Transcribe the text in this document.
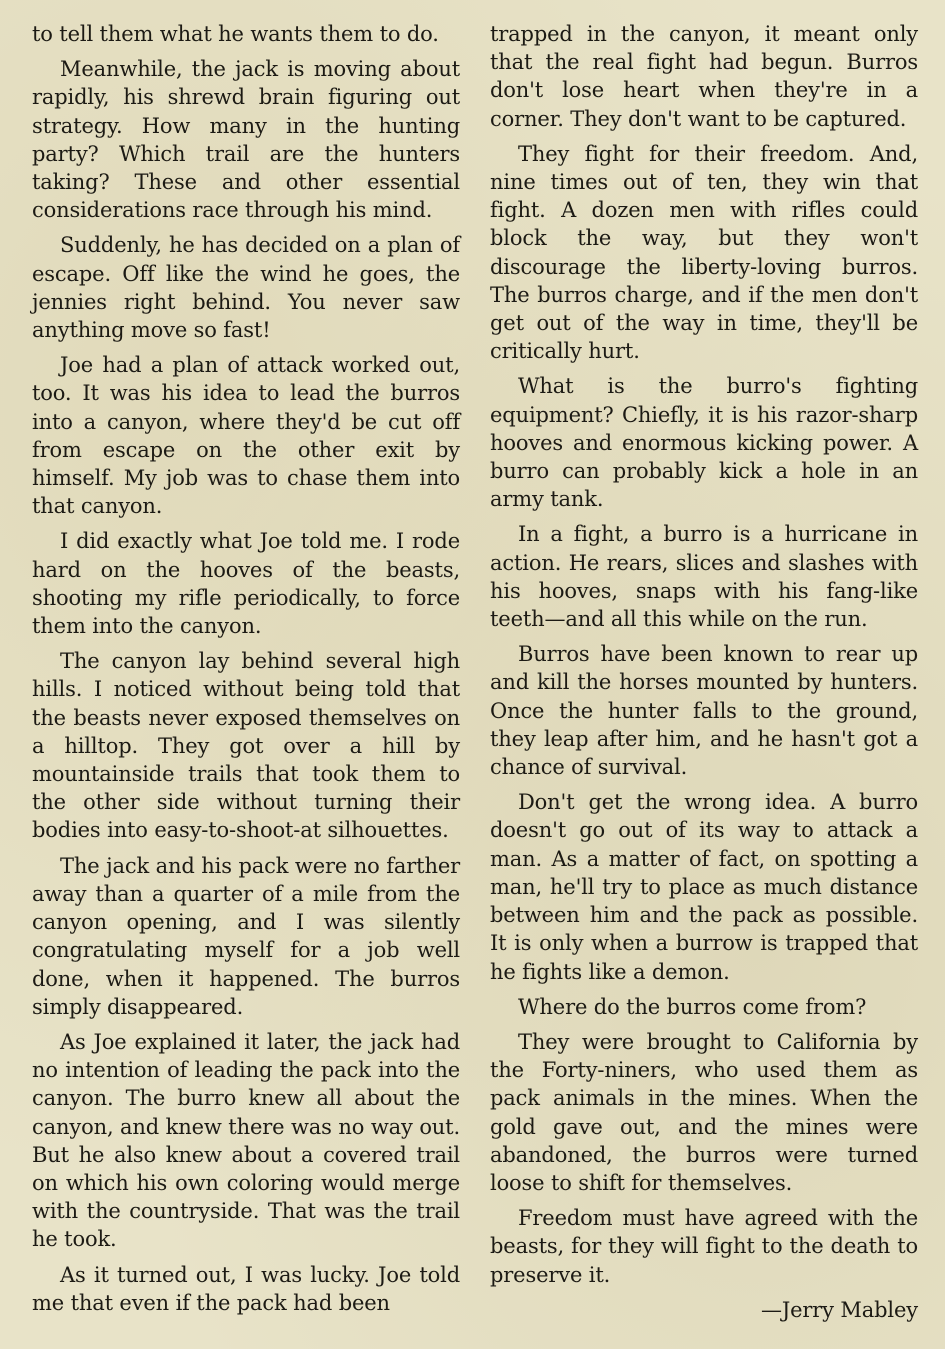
to tell them what he wants them to do.

Meanwhile, the jack is moving about rapidly, his shrewd brain figuring out strategy. How many in the hunting party? Which trail are the hunters taking? These and other essential considerations race through his mind.

Suddenly, he has decided on a plan of escape. Off like the wind he goes, the jennies right behind. You never saw anything move so fast!

Joe had a plan of attack worked out, too. It was his idea to lead the burros into a canyon, where they'd be cut off from escape on the other exit by himself. My job was to chase them into that canyon.

I did exactly what Joe told me. I rode hard on the hooves of the beasts, shooting my rifle periodically, to force them into the canyon.

The canyon lay behind several high hills. I noticed without being told that the beasts never exposed themselves on a hilltop. They got over a hill by mountainside trails that took them to the other side without turning their bodies into easy-to-shoot-at silhouettes.

The jack and his pack were no farther away than a quarter of a mile from the canyon opening, and I was silently congratulating myself for a job well done, when it happened. The burros simply disappeared.

As Joe explained it later, the jack had no intention of leading the pack into the canyon. The burro knew all about the canyon, and knew there was no way out. But he also knew about a covered trail on which his own coloring would merge with the countryside. That was the trail he took.

As it turned out, I was lucky. Joe told me that even if the pack had been

trapped in the canyon, it meant only that the real fight had begun. Burros don't lose heart when they're in a corner. They don't want to be captured.

They fight for their freedom. And, nine times out of ten, they win that fight. A dozen men with rifles could block the way, but they won't discourage the liberty-loving burros. The burros charge, and if the men don't get out of the way in time, they'll be critically hurt.

What is the burro's fighting equipment? Chiefly, it is his razor-sharp hooves and enormous kicking power. A burro can probably kick a hole in an army tank.

In a fight, a burro is a hurricane in action. He rears, slices and slashes with his hooves, snaps with his fang-like teeth—and all this while on the run.

Burros have been known to rear up and kill the horses mounted by hunters. Once the hunter falls to the ground, they leap after him, and he hasn't got a chance of survival.

Don't get the wrong idea. A burro doesn't go out of its way to attack a man. As a matter of fact, on spotting a man, he'll try to place as much distance between him and the pack as possible. It is only when a burrow is trapped that he fights like a demon.

Where do the burros come from?

They were brought to California by the Forty-niners, who used them as pack animals in the mines. When the gold gave out, and the mines were abandoned, the burros were turned loose to shift for themselves.

Freedom must have agreed with the beasts, for they will fight to the death to preserve it.

—Jerry Mabley
